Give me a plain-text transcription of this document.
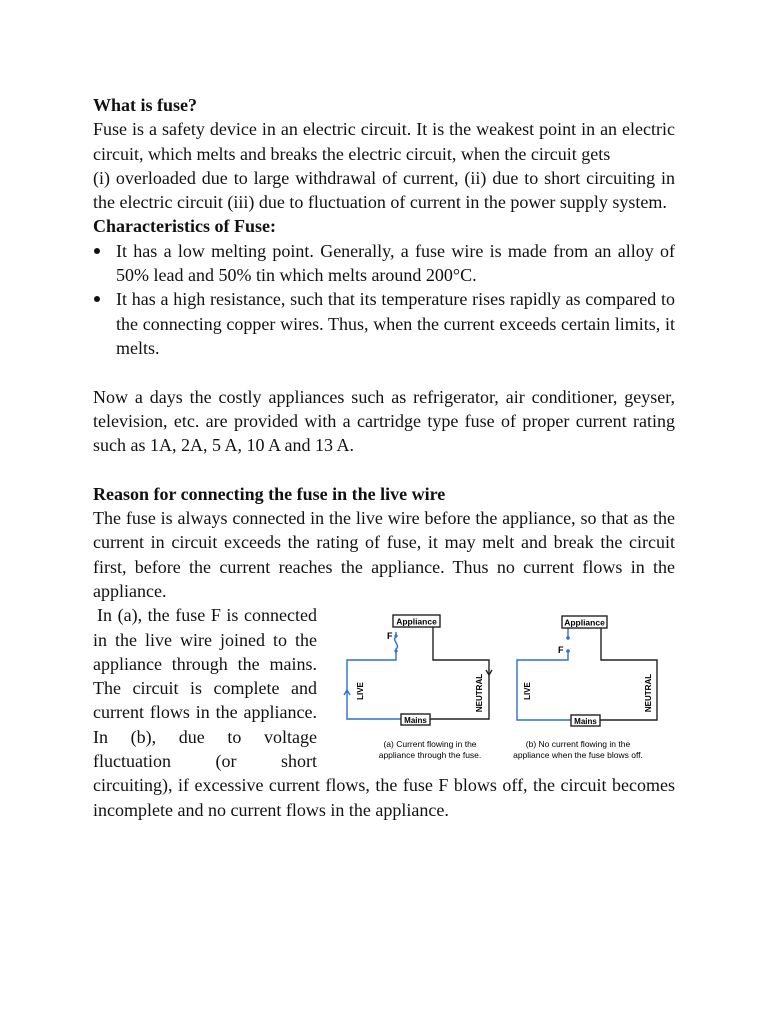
What is fuse?

Fuse is a safety device in an electric circuit. It is the weakest point in an electric circuit, which melts and breaks the electric circuit, when the circuit gets

(i) overloaded due to large withdrawal of current, (ii) due to short circuiting in the electric circuit (iii) due to fluctuation of current in the power supply system.

Characteristics of Fuse:
It has a low melting point. Generally, a fuse wire is made from an alloy of 50% lead and 50% tin which melts around 200°C.
It has a high resistance, such that its temperature rises rapidly as compared to the connecting copper wires. Thus, when the current exceeds certain limits, it melts.

Now a days the costly appliances such as refrigerator, air conditioner, geyser, television, etc. are provided with a cartridge type fuse of proper current rating such as 1A, 2A, 5 A, 10 A and 13 A.

Reason for connecting the fuse in the live wire

The fuse is always connected in the live wire before the appliance, so that as the current in circuit exceeds the rating of fuse, it may melt and break the circuit first, before the current reaches the appliance. Thus no current flows in the appliance.

Appliance
Mains
F
LIVE	NEUTRAL
(a) Current flowing in the
appliance through the fuse.
Appliance
Mains
F
LIVE	NEUTRAL
(b) No current flowing in the
appliance when the fuse blows off.

In (a), the fuse F is connected in the live wire joined to the appliance through the mains. The circuit is complete and current flows in the appliance. In (b), due to voltage fluctuation (or short circuiting), if excessive current flows, the fuse F blows off, the circuit becomes incomplete and no current flows in the appliance.
